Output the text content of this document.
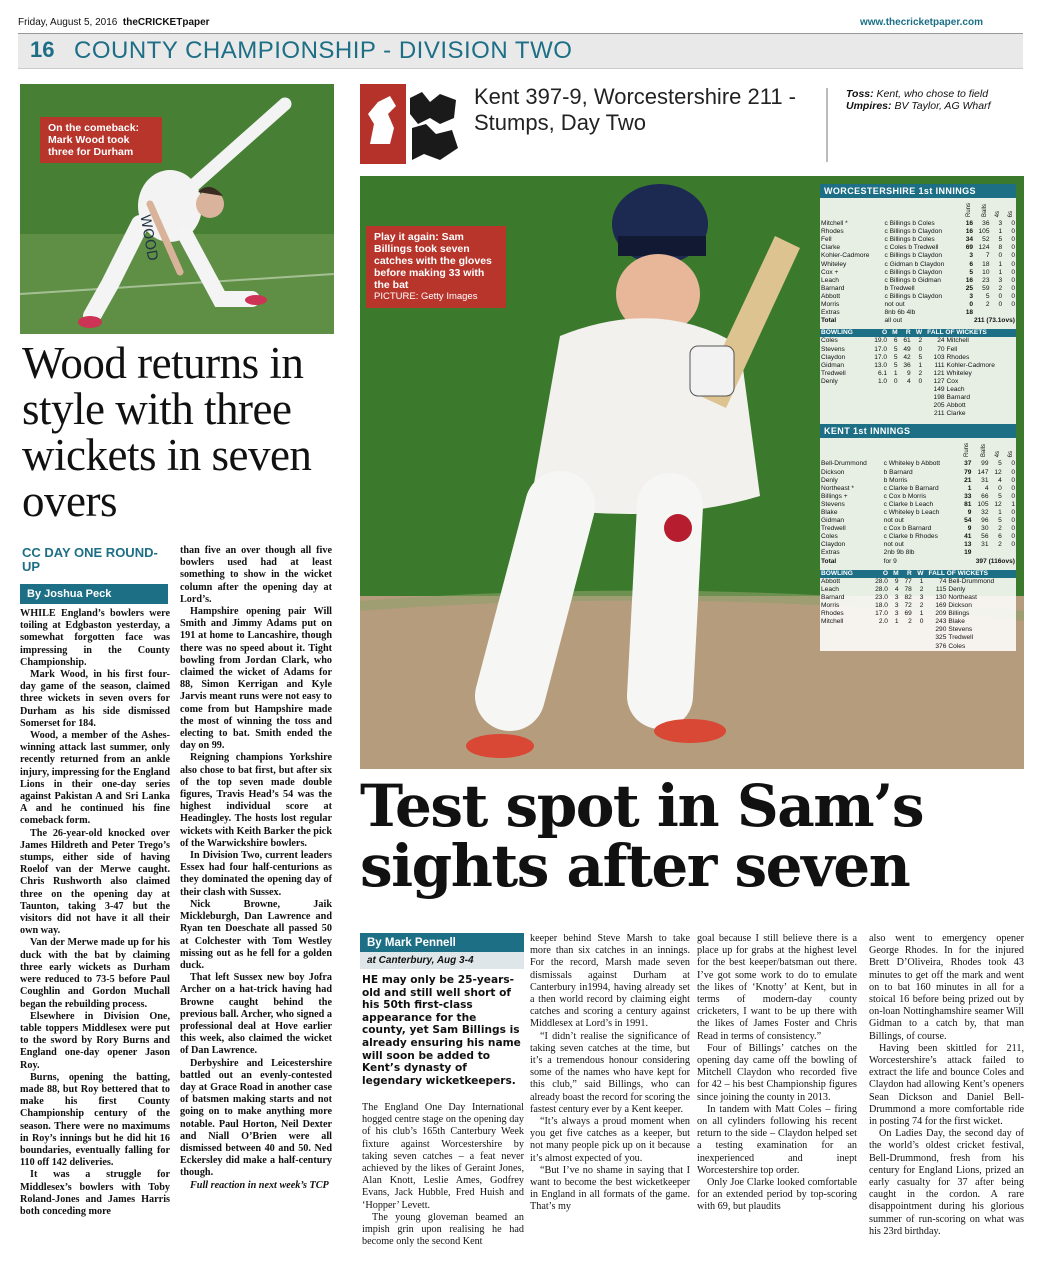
Friday, August 5, 2016 theCRICKETpaper	www.thecricketpaper.com
16 COUNTY CHAMPIONSHIP - DIVISION TWO
WOOD
On the comeback: Mark Wood took three for Durham
Wood returns in style with three wickets in seven overs
CC DAY ONE ROUND-UP
By Joshua Peck

WHILE England’s bowlers were toiling at Edgbaston yesterday, a somewhat forgotten face was impressing in the County Championship.

Mark Wood, in his first four-day game of the season, claimed three wickets in seven overs for Durham as his side dismissed Somerset for 184.

Wood, a member of the Ashes-winning attack last summer, only recently returned from an ankle injury, impressing for the England Lions in their one-day series against Pakistan A and Sri Lanka A and he continued his fine comeback form.

The 26-year-old knocked over James Hildreth and Peter Trego’s stumps, either side of having Roelof van der Merwe caught. Chris Rushworth also claimed three on the opening day at Taunton, taking 3-47 but the visitors did not have it all their own way.

Van der Merwe made up for his duck with the bat by claiming three early wickets as Durham were reduced to 73-5 before Paul Coughlin and Gordon Muchall began the rebuilding process.

Elsewhere in Division One, table toppers Middlesex were put to the sword by Rory Burns and England one-day opener Jason Roy.

Burns, opening the batting, made 88, but Roy bettered that to make his first County Championship century of the season. There were no maximums in Roy’s innings but he did hit 16 boundaries, eventually falling for 110 off 142 deliveries.

It was a struggle for Middlesex’s bowlers with Toby Roland-Jones and James Harris both conceding more

than five an over though all five bowlers used had at least something to show in the wicket column after the opening day at Lord’s.

Hampshire opening pair Will Smith and Jimmy Adams put on 191 at home to Lancashire, though there was no speed about it. Tight bowling from Jordan Clark, who claimed the wicket of Adams for 88, Simon Kerrigan and Kyle Jarvis meant runs were not easy to come from but Hampshire made the most of winning the toss and electing to bat. Smith ended the day on 99.

Reigning champions Yorkshire also chose to bat first, but after six of the top seven made double figures, Travis Head’s 54 was the highest individual score at Headingley. The hosts lost regular wickets with Keith Barker the pick of the Warwickshire bowlers.

In Division Two, current leaders Essex had four half-centurions as they dominated the opening day of their clash with Sussex.

Nick Browne, Jaik Mickleburgh, Dan Lawrence and Ryan ten Doeschate all passed 50 at Colchester with Tom Westley missing out as he fell for a golden duck.

That left Sussex new boy Jofra Archer on a hat-trick having had Browne caught behind the previous ball. Archer, who signed a professional deal at Hove earlier this week, also claimed the wicket of Dan Lawrence.

Derbyshire and Leicestershire battled out an evenly-contested day at Grace Road in another case of batsmen making starts and not going on to make anything more notable. Paul Horton, Neil Dexter and Niall O’Brien were all dismissed between 40 and 50. Ned Eckersley did make a half-century though.

Full reaction in next week’s TCP

Kent 397-9, Worcestershire 211 - Stumps, Day Two
Toss: Kent, who chose to field
Umpires: BV Taylor, AG Wharf
Play it again: Sam Billings took seven catches with the gloves before making 33 with the bat
PICTURE: Getty Images
WORCESTERSHIRE 1st INNINGS
		Runs	Balls	4s	6s
Mitchell *	c Billings b Coles	16	36	3	0
Rhodes	c Billings b Claydon	16	105	1	0
Fell	c Billings b Coles	34	52	5	0
Clarke	c Coles b Tredwell	69	124	8	0
Kohler-Cadmore	c Billings b Claydon	3	7	0	0
Whiteley	c Gidman b Claydon	6	18	1	0
Cox +	c Billings b Claydon	5	10	1	0
Leach	c Billings b Gidman	16	23	3	0
Barnard	b Tredwell	25	59	2	0
Abbott	c Billings b Claydon	3	5	0	0
Morris	not out	0	2	0	0
Extras	8nb 6b 4lb	18			
Total	all out	211 (73.1ovs)			
BOWLING	O	M	R	W	FALL OF WICKETS	
Coles	19.0	6	61	2	24	Mitchell
Stevens	17.0	5	49	0	70	Fell
Claydon	17.0	5	42	5	103	Rhodes
Gidman	13.0	5	36	1	111	Kohler-Cadmore
Tredwell	6.1	1	9	2	121	Whiteley
Denly	1.0	0	4	0	127	Cox
					149	Leach
					198	Barnard
					205	Abbott
					211	Clarke
KENT 1st INNINGS
		Runs	Balls	4s	6s
Bell-Drummond	c Whiteley b Abbott	37	99	5	0
Dickson	b Barnard	79	147	12	0
Denly	b Morris	21	31	4	0
Northeast *	c Clarke b Barnard	1	4	0	0
Billings +	c Cox b Morris	33	66	5	0
Stevens	c Clarke b Leach	81	105	12	1
Blake	c Whiteley b Leach	9	32	1	0
Gidman	not out	54	96	5	0
Tredwell	c Cox b Barnard	9	30	2	0
Coles	c Clarke b Rhodes	41	56	6	0
Claydon	not out	13	31	2	0
Extras	2nb 9b 8lb	19			
Total	for 9	397 (116ovs)			
BOWLING	O	M	R	W	FALL OF WICKETS	
Abbott	28.0	9	77	1	74	Bell-Drummond
Leach	28.0	4	78	2	115	Denly
Barnard	23.0	3	82	3	130	Northeast
Morris	18.0	3	72	2	169	Dickson
Rhodes	17.0	3	69	1	209	Billings
Mitchell	2.0	1	2	0	243	Blake
					290	Stevens
					325	Tredwell
					376	Coles
Test spot in Sam’s sights after seven
By Mark Pennell
at Canterbury, Aug 3-4
HE may only be 25-years-old and still well short of his 50th first-class appearance for the county, yet Sam Billings is already ensuring his name will soon be added to Kent’s dynasty of legendary wicketkeepers.

The England One Day International hogged centre stage on the opening day of his club’s 165th Canterbury Week fixture against Worcestershire by taking seven catches – a feat never achieved by the likes of Geraint Jones, Alan Knott, Leslie Ames, Godfrey Evans, Jack Hubble, Fred Huish and ‘Hopper’ Levett.

The young gloveman beamed an impish grin upon realising he had become only the second Kent

keeper behind Steve Marsh to take more than six catches in an innings. For the record, Marsh made seven dismissals against Durham at Canterbury in1994, having already set a then world record by claiming eight catches and scoring a century against Middlesex at Lord’s in 1991.

“I didn’t realise the significance of taking seven catches at the time, but it’s a tremendous honour considering some of the names who have kept for this club,” said Billings, who can already boast the record for scoring the fastest century ever by a Kent keeper.

“It’s always a proud moment when you get five catches as a keeper, but not many people pick up on it because it’s almost expected of you.

“But I’ve no shame in saying that I want to become the best wicketkeeper in England in all formats of the game. That’s my

goal because I still believe there is a place up for grabs at the highest level for the best keeper/batsman out there. I’ve got some work to do to emulate the likes of ‘Knotty’ at Kent, but in terms of modern-day county cricketers, I want to be up there with the likes of James Foster and Chris Read in terms of consistency.”

Four of Billings’ catches on the opening day came off the bowling of Mitchell Claydon who recorded five for 42 – his best Championship figures since joining the county in 2013.

In tandem with Matt Coles – firing on all cylinders following his recent return to the side – Claydon helped set a testing examination for an inexperienced and inept Worcestershire top order.

Only Joe Clarke looked comfortable for an extended period by top-scoring with 69, but plaudits

also went to emergency opener George Rhodes. In for the injured Brett D’Oliveira, Rhodes took 43 minutes to get off the mark and went on to bat 160 minutes in all for a stoical 16 before being prized out by on-loan Nottinghamshire seamer Will Gidman to a catch by, that man Billings, of course.

Having been skittled for 211, Worcestershire’s attack failed to extract the life and bounce Coles and Claydon had allowing Kent’s openers Sean Dickson and Daniel Bell-Drummond a more comfortable ride in posting 74 for the first wicket.

On Ladies Day, the second day of the world’s oldest cricket festival, Bell-Drummond, fresh from his century for England Lions, prized an early casualty for 37 after being caught in the cordon. A rare disappointment during his glorious summer of run-scoring on what was his 23rd birthday.
